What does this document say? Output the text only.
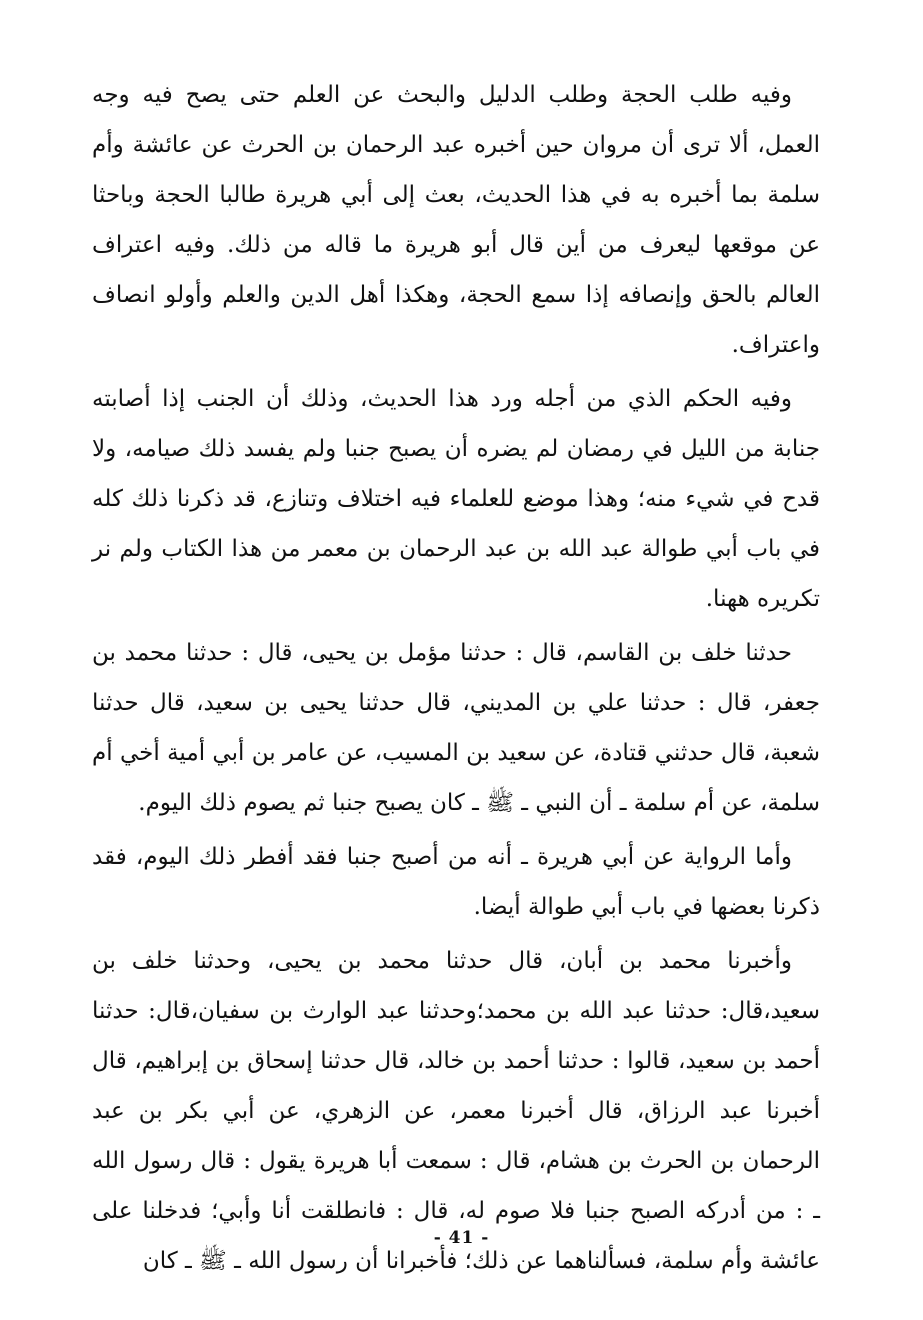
وفيه طلب الحجة وطلب الدليل والبحث عن العلم حتى يصح فيه وجه العمل، ألا ترى أن مروان حين أخبره عبد الرحمان بن الحرث عن عائشة وأم سلمة بما أخبره به في هذا الحديث، بعث إلى أبي هريرة طالبا الحجة وباحثا عن موقعها ليعرف من أين قال أبو هريرة ما قاله من ذلك. وفيه اعتراف العالم بالحق وإنصافه إذا سمع الحجة، وهكذا أهل الدين والعلم وأولو انصاف واعتراف.

وفيه الحكم الذي من أجله ورد هذا الحديث، وذلك أن الجنب إذا أصابته جنابة من الليل في رمضان لم يضره أن يصبح جنبا ولم يفسد ذلك صيامه، ولا قدح في شيء منه؛ وهذا موضع للعلماء فيه اختلاف وتنازع، قد ذكرنا ذلك كله في باب أبي طوالة عبد الله بن عبد الرحمان بن معمر من هذا الكتاب ولم نر تكريره ههنا.

حدثنا خلف بن القاسم، قال : حدثنا مؤمل بن يحيى، قال : حدثنا محمد بن جعفر، قال : حدثنا علي بن المديني، قال حدثنا يحيى بن سعيد، قال حدثنا شعبة، قال حدثني قتادة، عن سعيد بن المسيب، عن عامر بن أبي أمية أخي أم سلمة، عن أم سلمة ـ أن النبي ـ ﷺ ـ كان يصبح جنبا ثم يصوم ذلك اليوم.

وأما الرواية عن أبي هريرة ـ أنه من أصبح جنبا فقد أفطر ذلك اليوم، فقد ذكرنا بعضها في باب أبي طوالة أيضا.

وأخبرنا محمد بن أبان، قال حدثنا محمد بن يحيى، وحدثنا خلف بن سعيد،قال: حدثنا عبد الله بن محمد؛وحدثنا عبد الوارث بن سفيان،قال: حدثنا أحمد بن سعيد، قالوا : حدثنا أحمد بن خالد، قال حدثنا إسحاق بن إبراهيم، قال أخبرنا عبد الرزاق، قال أخبرنا معمر، عن الزهري، عن أبي بكر بن عبد الرحمان بن الحرث بن هشام، قال : سمعت أبا هريرة يقول : قال رسول الله ـ : من أدركه الصبح جنبا فلا صوم له، قال : فانطلقت أنا وأبي؛ فدخلنا على عائشة وأم سلمة، فسألناهما عن ذلك؛ فأخبرانا أن رسول الله ـ ﷺ ـ كان

- 41 -
